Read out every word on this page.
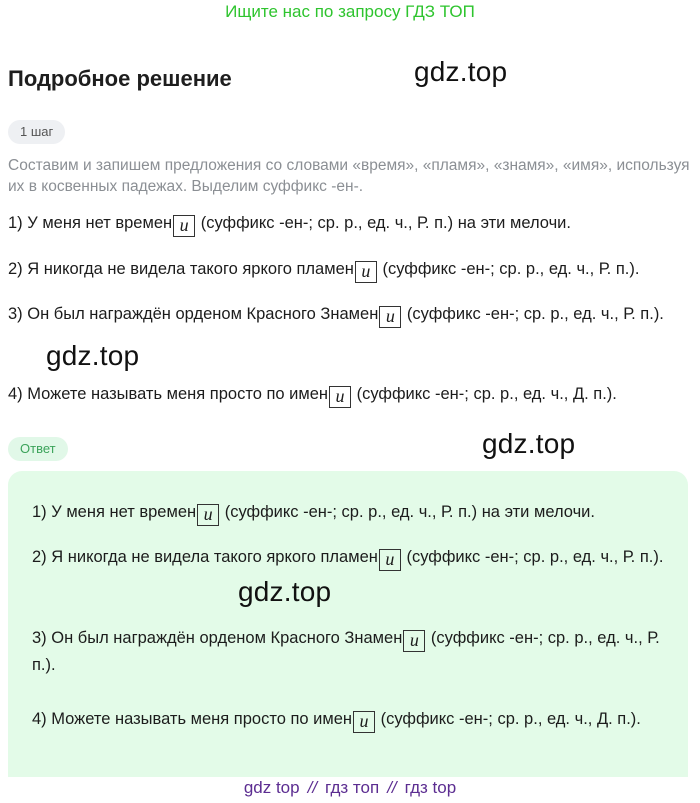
Ищите нас по запросу ГДЗ ТОП
Подробное решение	gdz.top
1 шаг
Составим и запишем предложения со словами «время», «пламя», «знамя», «имя», используя их в косвенных падежах. Выделим суффикс -ен-.
1) У меня нет времен и (суффикс -ен-; ср. р., ед. ч., Р. п.) на эти мелочи.
2) Я никогда не видела такого яркого пламен и (суффикс -ен-; ср. р., ед. ч., Р. п.).
3) Он был награждён орденом Красного Знамен и (суффикс -ен-; ср. р., ед. ч., Р. п.).
gdz.top
4) Можете называть меня просто по имен и (суффикс -ен-; ср. р., ед. ч., Д. п.).
Ответ	gdz.top
1) У меня нет времен и (суффикс -ен-; ср. р., ед. ч., Р. п.) на эти мелочи.
2) Я никогда не видела такого яркого пламен и (суффикс -ен-; ср. р., ед. ч., Р. п.).
3) Он был награждён орденом Красного Знамен и (суффикс -ен-; ср. р., ед. ч., Р. п.).
4) Можете называть меня просто по имен и (суффикс -ен-; ср. р., ед. ч., Д. п.).
gdz.top
gdz top // гдз топ // гдз top
